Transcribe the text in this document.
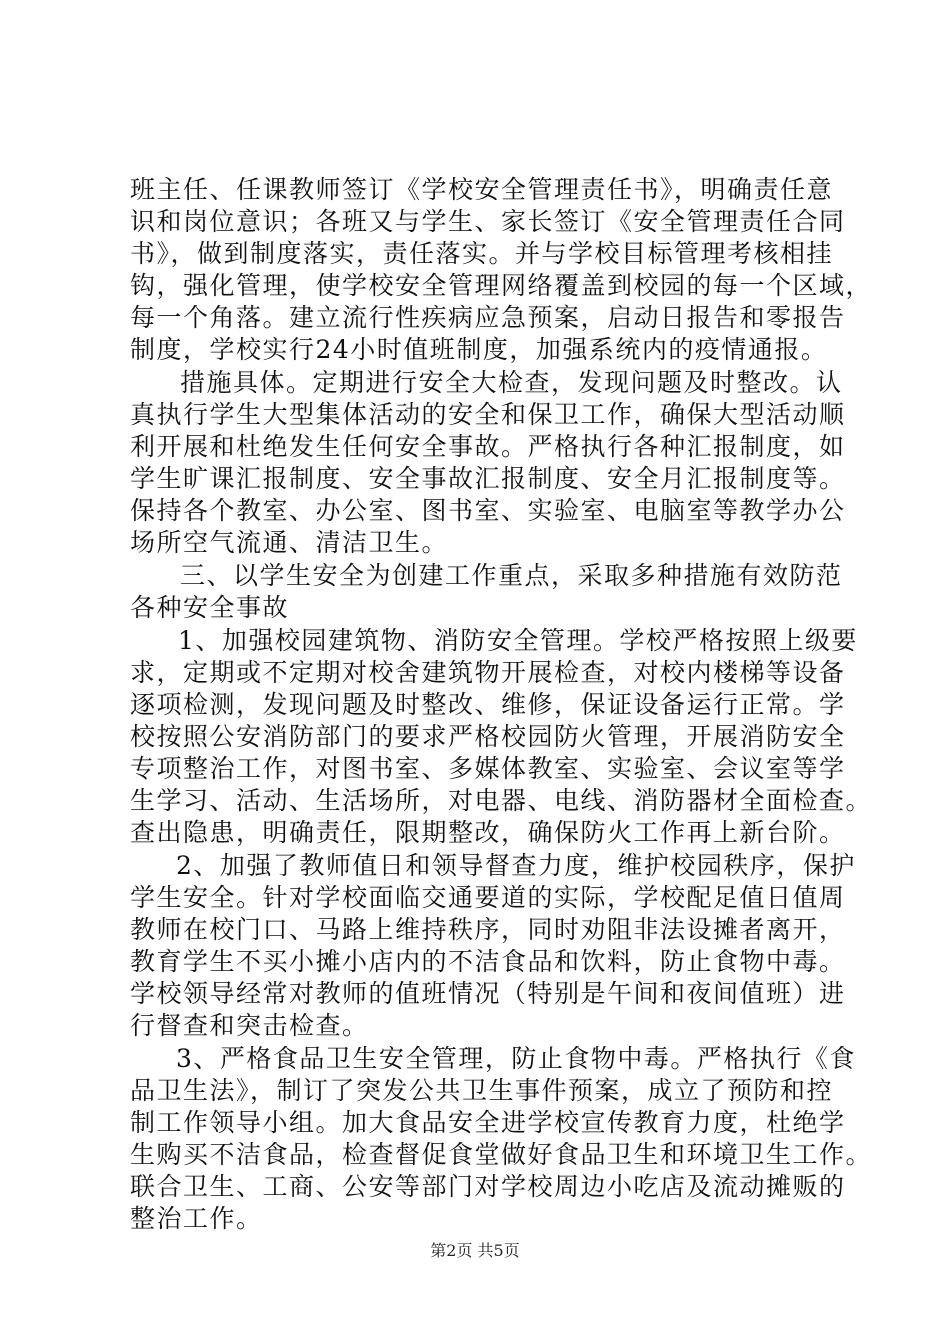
班主任、任课教师签订《学校安全管理责任书》，明确责任意
识和岗位意识；各班又与学生、家长签订《安全管理责任合同
书》，做到制度落实，责任落实。并与学校目标管理考核相挂
钩，强化管理，使学校安全管理网络覆盖到校园的每一个区域，
每一个角落。建立流行性疾病应急预案，启动日报告和零报告
制度，学校实行24小时值班制度，加强系统内的疫情通报。
措施具体。定期进行安全大检查，发现问题及时整改。认
真执行学生大型集体活动的安全和保卫工作，确保大型活动顺
利开展和杜绝发生任何安全事故。严格执行各种汇报制度，如
学生旷课汇报制度、安全事故汇报制度、安全月汇报制度等。
保持各个教室、办公室、图书室、实验室、电脑室等教学办公
场所空气流通、清洁卫生。
三、以学生安全为创建工作重点，采取多种措施有效防范
各种安全事故
1、加强校园建筑物、消防安全管理。学校严格按照上级要
求，定期或不定期对校舍建筑物开展检查，对校内楼梯等设备
逐项检测，发现问题及时整改、维修，保证设备运行正常。学
校按照公安消防部门的要求严格校园防火管理，开展消防安全
专项整治工作，对图书室、多媒体教室、实验室、会议室等学
生学习、活动、生活场所，对电器、电线、消防器材全面检查。
查出隐患，明确责任，限期整改，确保防火工作再上新台阶。
2、加强了教师值日和领导督查力度，维护校园秩序，保护
学生安全。针对学校面临交通要道的实际，学校配足值日值周
教师在校门口、马路上维持秩序，同时劝阻非法设摊者离开，
教育学生不买小摊小店内的不洁食品和饮料，防止食物中毒。
学校领导经常对教师的值班情况（特别是午间和夜间值班）进
行督查和突击检查。
3、严格食品卫生安全管理，防止食物中毒。严格执行《食
品卫生法》，制订了突发公共卫生事件预案，成立了预防和控
制工作领导小组。加大食品安全进学校宣传教育力度，杜绝学
生购买不洁食品，检查督促食堂做好食品卫生和环境卫生工作。
联合卫生、工商、公安等部门对学校周边小吃店及流动摊贩的
整治工作。
第2页 共5页
